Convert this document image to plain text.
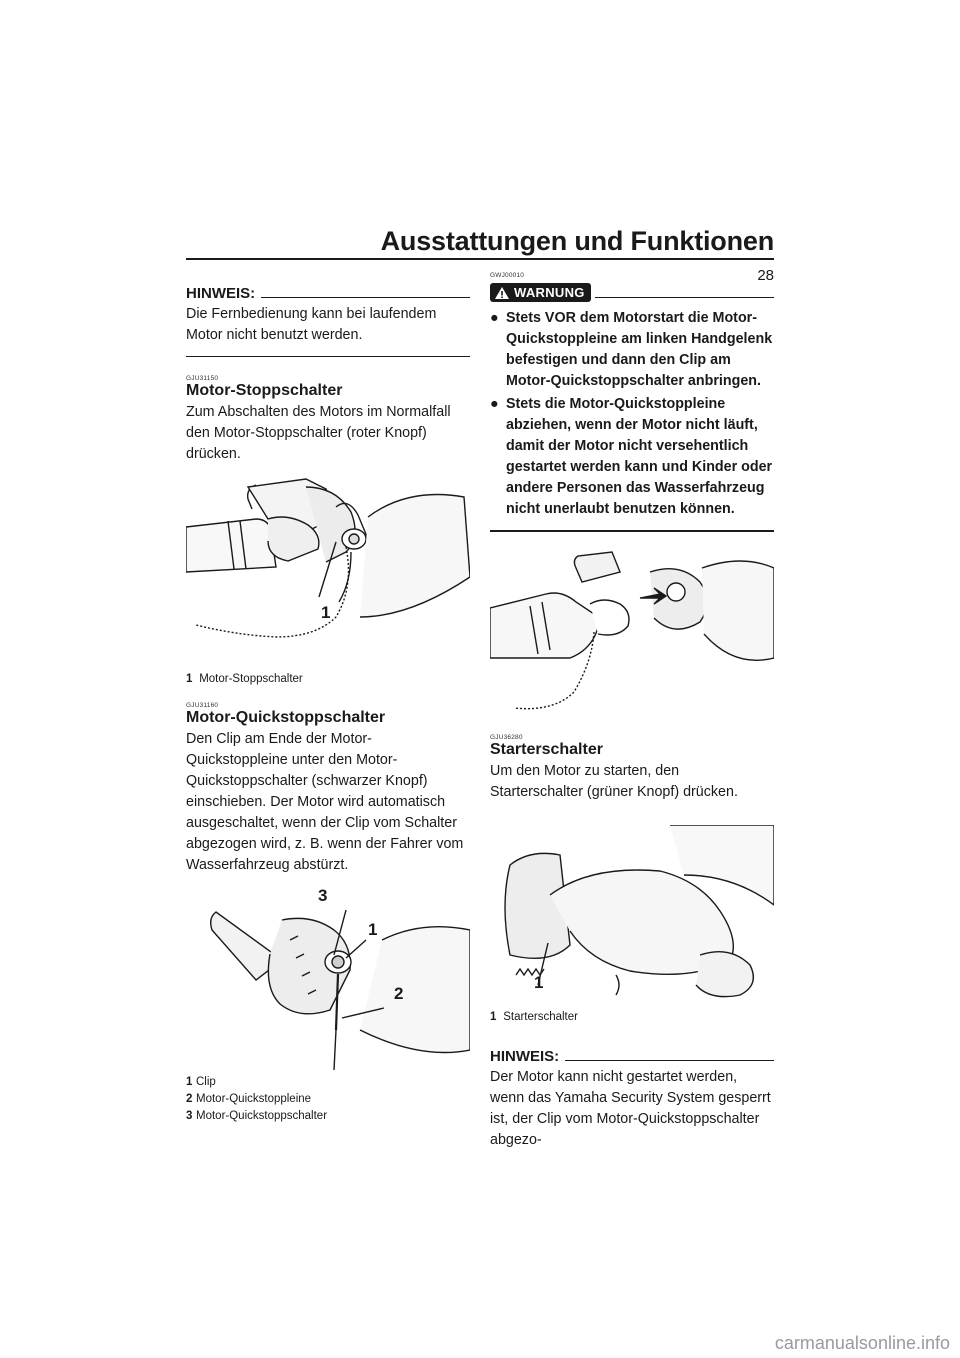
Ausstattungen und Funktionen
28
HINWEIS:

Die Fernbedienung kann bei laufendem Motor nicht benutzt werden.

GJU31150
Motor-Stoppschalter

Zum Abschalten des Motors im Normalfall den Motor-Stoppschalter (roter Knopf) drücken.

1
1 Motor-Stoppschalter
GJU31160
Motor-Quickstoppschalter

Den Clip am Ende der Motor-Quickstoppleine unter den Motor-Quickstoppschalter (schwarzer Knopf) einschieben. Der Motor wird automatisch ausgeschaltet, wenn der Clip vom Schalter abgezogen wird, z. B. wenn der Fahrer vom Wasserfahrzeug abstürzt.

3
1
2
1 Clip
2 Motor-Quickstoppleine
3 Motor-Quickstoppschalter
GWJ00010
WARNUNG
● Stets VOR dem Motorstart die Motor-Quickstoppleine am linken Handgelenk befestigen und dann den Clip am Motor-Quickstoppschalter anbringen.
● Stets die Motor-Quickstoppleine abziehen, wenn der Motor nicht läuft, damit der Motor nicht versehentlich gestartet werden kann und Kinder oder andere Personen das Wasserfahrzeug nicht unerlaubt benutzen können.
GJU36280
Starterschalter

Um den Motor zu starten, den Starterschalter (grüner Knopf) drücken.

1
1 Starterschalter
HINWEIS:

Der Motor kann nicht gestartet werden, wenn das Yamaha Security System gesperrt ist, der Clip vom Motor-Quickstoppschalter abgezo-

carmanualsonline.info
